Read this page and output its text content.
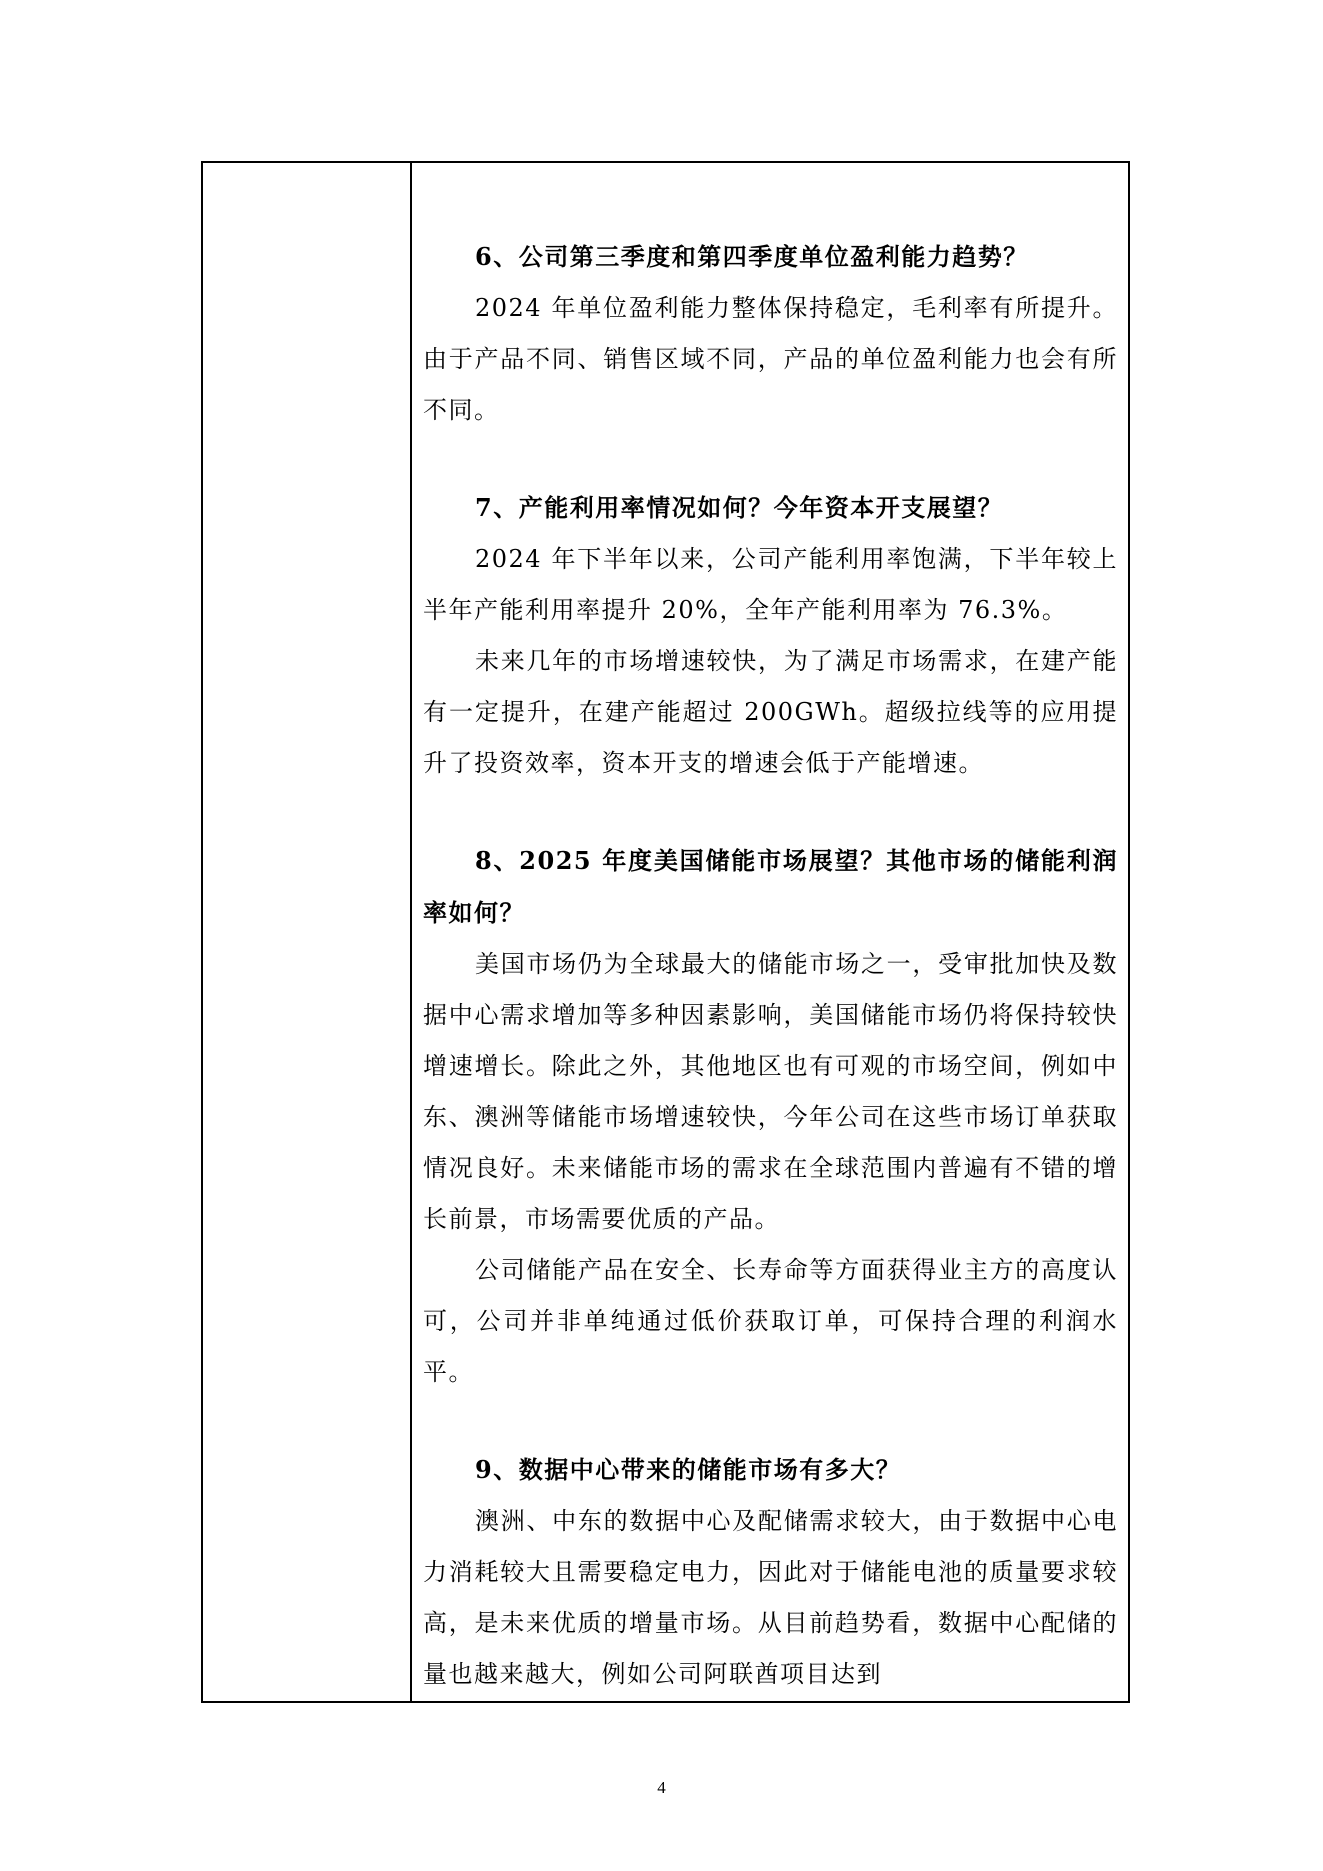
6、公司第三季度和第四季度单位盈利能力趋势？

2024 年单位盈利能力整体保持稳定，毛利率有所提升。由于产品不同、销售区域不同，产品的单位盈利能力也会有所不同。

7、产能利用率情况如何？今年资本开支展望？

2024 年下半年以来，公司产能利用率饱满，下半年较上半年产能利用率提升 20%，全年产能利用率为 76.3%。

未来几年的市场增速较快，为了满足市场需求，在建产能有一定提升，在建产能超过 200GWh。超级拉线等的应用提升了投资效率，资本开支的增速会低于产能增速。

8、2025 年度美国储能市场展望？其他市场的储能利润率如何？

美国市场仍为全球最大的储能市场之一，受审批加快及数据中心需求增加等多种因素影响，美国储能市场仍将保持较快增速增长。除此之外，其他地区也有可观的市场空间，例如中东、澳洲等储能市场增速较快，今年公司在这些市场订单获取情况良好。未来储能市场的需求在全球范围内普遍有不错的增长前景，市场需要优质的产品。

公司储能产品在安全、长寿命等方面获得业主方的高度认可，公司并非单纯通过低价获取订单，可保持合理的利润水平。

9、数据中心带来的储能市场有多大？

澳洲、中东的数据中心及配储需求较大，由于数据中心电力消耗较大且需要稳定电力，因此对于储能电池的质量要求较高，是未来优质的增量市场。从目前趋势看，数据中心配储的量也越来越大，例如公司阿联酋项目达到

4
